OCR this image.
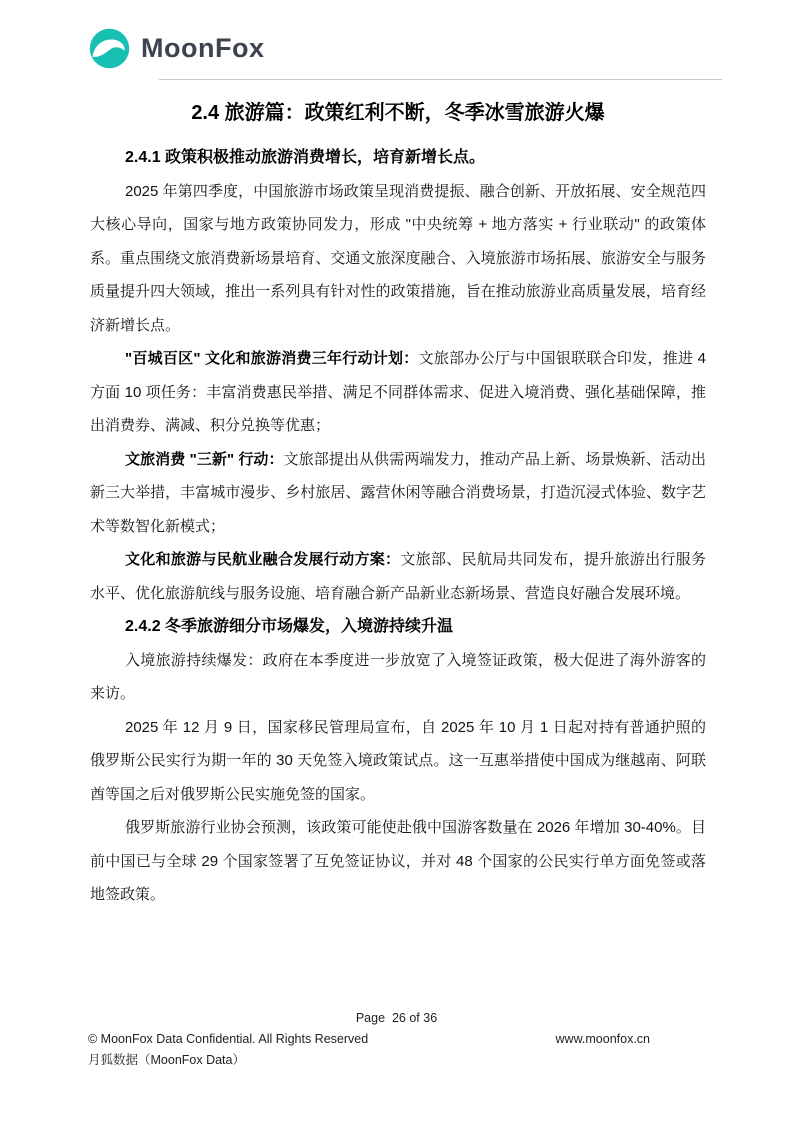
MoonFox
2.4 旅游篇：政策红利不断，冬季冰雪旅游火爆
2.4.1 政策积极推动旅游消费增长，培育新增长点。

2025 年第四季度，中国旅游市场政策呈现消费提振、融合创新、开放拓展、安全规范四大核心导向，国家与地方政策协同发力，形成 "中央统筹 + 地方落实 + 行业联动" 的政策体系。重点围绕文旅消费新场景培育、交通文旅深度融合、入境旅游市场拓展、旅游安全与服务质量提升四大领域，推出一系列具有针对性的政策措施，旨在推动旅游业高质量发展，培育经济新增长点。

"百城百区" 文化和旅游消费三年行动计划：文旅部办公厅与中国银联联合印发，推进 4 方面 10 项任务：丰富消费惠民举措、满足不同群体需求、促进入境消费、强化基础保障，推出消费券、满减、积分兑换等优惠；

文旅消费 "三新" 行动：文旅部提出从供需两端发力，推动产品上新、场景焕新、活动出新三大举措，丰富城市漫步、乡村旅居、露营休闲等融合消费场景，打造沉浸式体验、数字艺术等数智化新模式；

文化和旅游与民航业融合发展行动方案：文旅部、民航局共同发布，提升旅游出行服务水平、优化旅游航线与服务设施、培育融合新产品新业态新场景、营造良好融合发展环境。

2.4.2 冬季旅游细分市场爆发，入境游持续升温

入境旅游持续爆发：政府在本季度进一步放宽了入境签证政策，极大促进了海外游客的来访。

2025 年 12 月 9 日，国家移民管理局宣布，自 2025 年 10 月 1 日起对持有普通护照的俄罗斯公民实行为期一年的 30 天免签入境政策试点。这一互惠举措使中国成为继越南、阿联酋等国之后对俄罗斯公民实施免签的国家。

俄罗斯旅游行业协会预测，该政策可能使赴俄中国游客数量在 2026 年增加 30-40%。目前中国已与全球 29 个国家签署了互免签证协议，并对 48 个国家的公民实行单方面免签或落地签政策。

Page  26 of 36
© MoonFox Data Confidential. All Rights Reserved	www.moonfox.cn
月狐数据（MoonFox Data）
